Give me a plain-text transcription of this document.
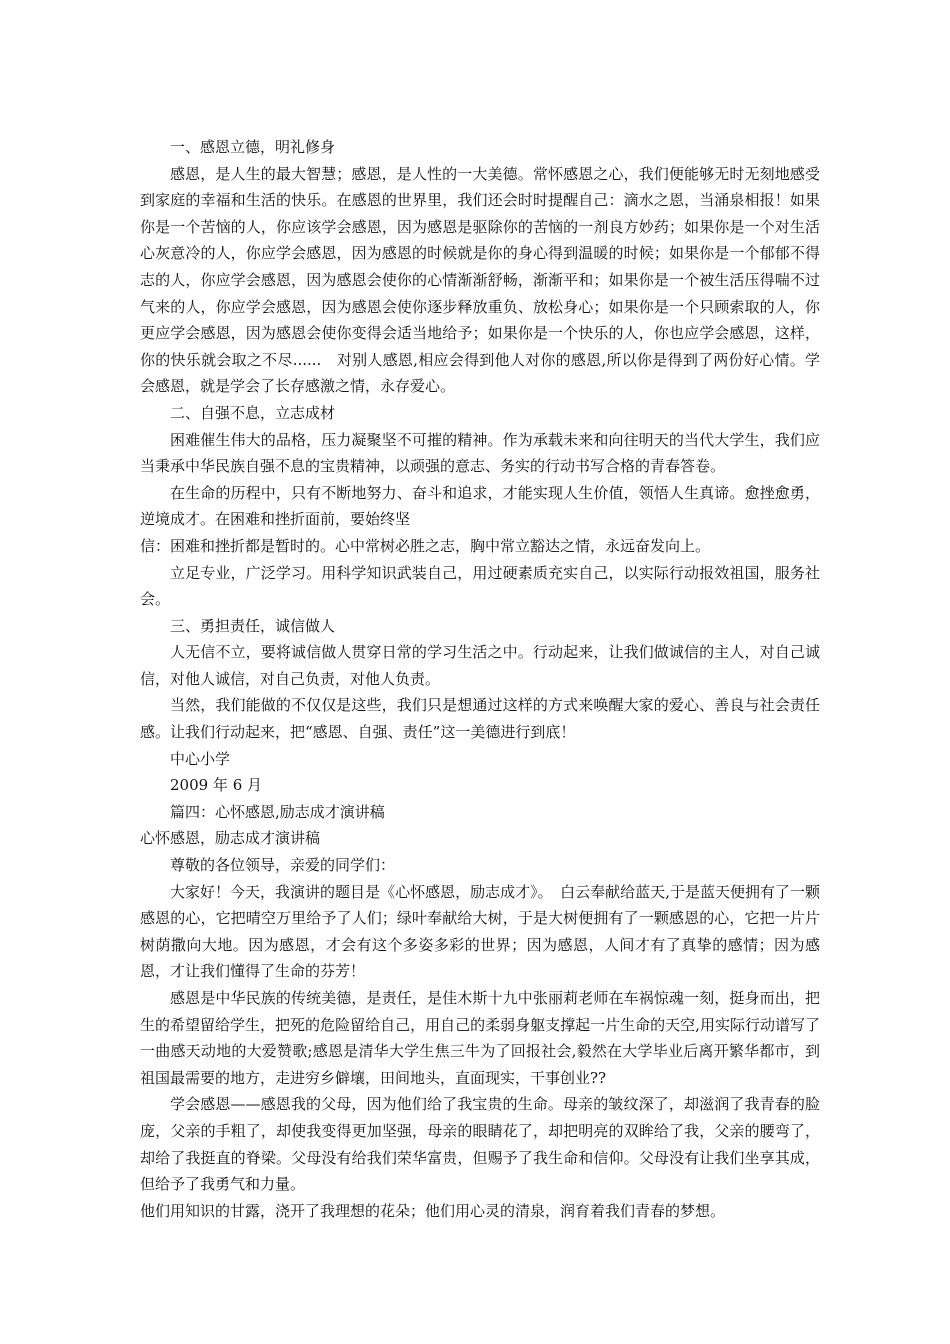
一、感恩立德，明礼修身

感恩，是人生的最大智慧；感恩，是人性的一大美德。常怀感恩之心，我们便能够无时无刻地感受到家庭的幸福和生活的快乐。在感恩的世界里，我们还会时时提醒自己：滴水之恩，当涌泉相报！如果你是一个苦恼的人，你应该学会感恩，因为感恩是驱除你的苦恼的一剂良方妙药；如果你是一个对生活心灰意冷的人，你应学会感恩，因为感恩的时候就是你的身心得到温暖的时候；如果你是一个郁郁不得志的人，你应学会感恩，因为感恩会使你的心情渐渐舒畅，渐渐平和；如果你是一个被生活压得喘不过气来的人，你应学会感恩，因为感恩会使你逐步释放重负、放松身心；如果你是一个只顾索取的人，你更应学会感恩，因为感恩会使你变得会适当地给予；如果你是一个快乐的人，你也应学会感恩，这样，你的快乐就会取之不尽......　对别人感恩,相应会得到他人对你的感恩,所以你是得到了两份好心情。学会感恩，就是学会了长存感激之情，永存爱心。

二、自强不息，立志成材

困难催生伟大的品格，压力凝聚坚不可摧的精神。作为承载未来和向往明天的当代大学生，我们应当秉承中华民族自强不息的宝贵精神，以顽强的意志、务实的行动书写合格的青春答卷。

在生命的历程中，只有不断地努力、奋斗和追求，才能实现人生价值，领悟人生真谛。愈挫愈勇，逆境成才。在困难和挫折面前，要始终坚

信：困难和挫折都是暂时的。心中常树必胜之志，胸中常立豁达之情，永远奋发向上。

立足专业，广泛学习。用科学知识武装自己，用过硬素质充实自己，以实际行动报效祖国，服务社会。

三、勇担责任，诚信做人

人无信不立，要将诚信做人贯穿日常的学习生活之中。行动起来，让我们做诚信的主人，对自己诚信，对他人诚信，对自己负责，对他人负责。

当然，我们能做的不仅仅是这些，我们只是想通过这样的方式来唤醒大家的爱心、善良与社会责任感。让我们行动起来，把“感恩、自强、责任”这一美德进行到底！

中心小学

2009 年 6 月

篇四：心怀感恩,励志成才演讲稿

心怀感恩，励志成才演讲稿

尊敬的各位领导，亲爱的同学们：

大家好！今天，我演讲的题目是《心怀感恩，励志成才》。　白云奉献给蓝天,于是蓝天便拥有了一颗感恩的心，它把晴空万里给予了人们；绿叶奉献给大树，于是大树便拥有了一颗感恩的心，它把一片片树荫撒向大地。因为感恩，才会有这个多姿多彩的世界；因为感恩，人间才有了真挚的感情；因为感恩，才让我们懂得了生命的芬芳！

感恩是中华民族的传统美德，是责任，是佳木斯十九中张丽莉老师在车祸惊魂一刻，挺身而出，把生的希望留给学生，把死的危险留给自己，用自己的柔弱身躯支撑起一片生命的天空,用实际行动谱写了一曲感天动地的大爱赞歌;感恩是清华大学生焦三牛为了回报社会,毅然在大学毕业后离开繁华都市，到祖国最需要的地方，走进穷乡僻壤，田间地头，直面现实，干事创业??

学会感恩——感恩我的父母，因为他们给了我宝贵的生命。母亲的皱纹深了，却滋润了我青春的脸庞，父亲的手粗了，却使我变得更加坚强，母亲的眼睛花了，却把明亮的双眸给了我，父亲的腰弯了，却给了我挺直的脊梁。父母没有给我们荣华富贵，但赐予了我生命和信仰。父母没有让我们坐享其成，但给予了我勇气和力量。

他们用知识的甘露，浇开了我理想的花朵；他们用心灵的清泉，润育着我们青春的梦想。
